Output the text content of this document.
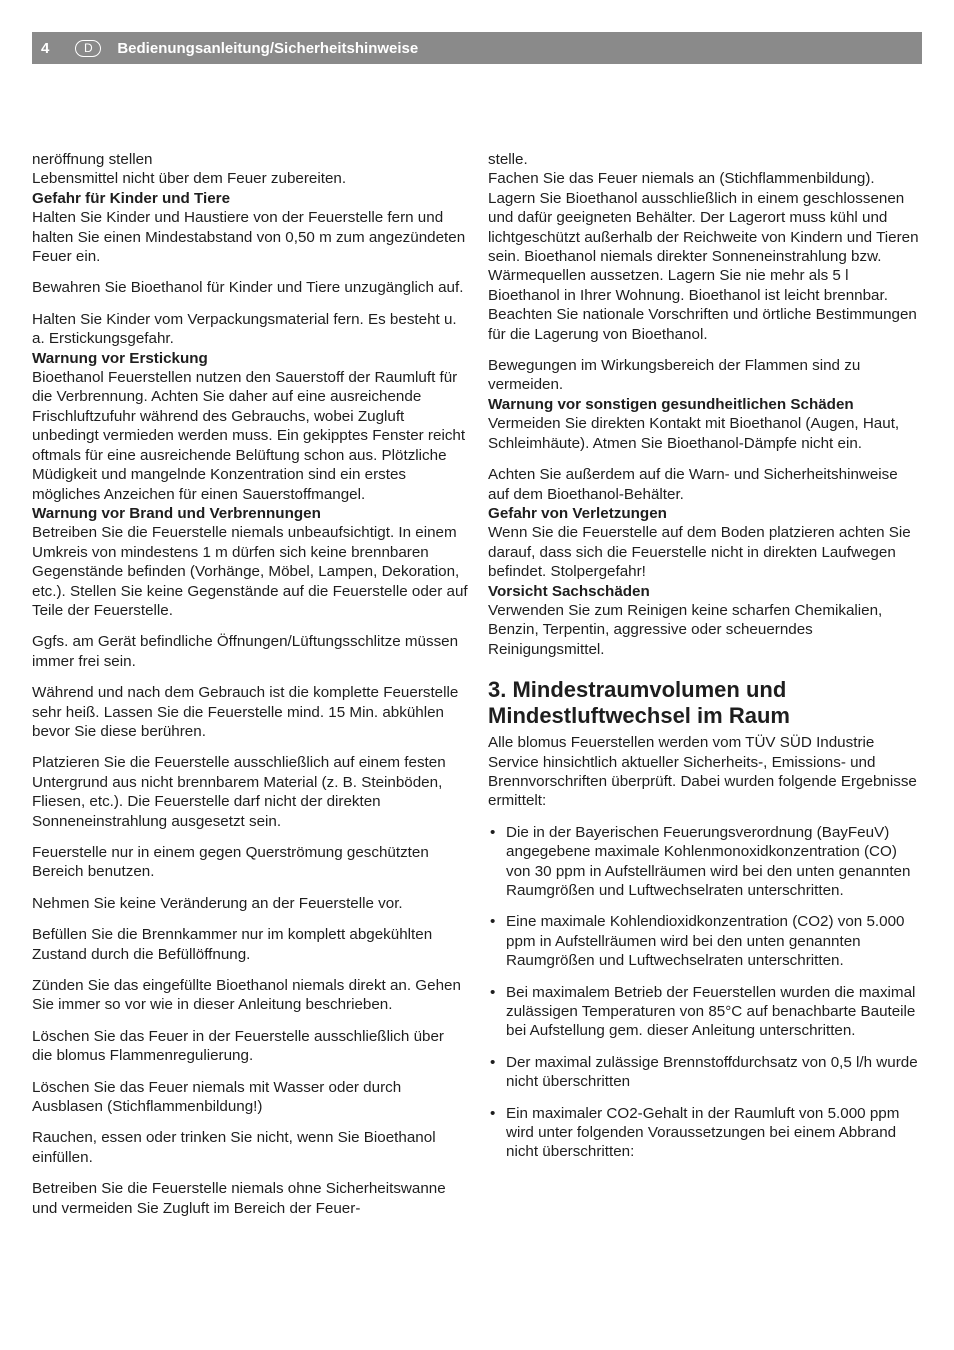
4	D	Bedienungsanleitung/Sicherheitshinweise

neröffnung stellen

Lebensmittel nicht über dem Feuer zubereiten.

Gefahr für Kinder und Tiere

Halten Sie Kinder und Haustiere von der Feuerstelle fern und halten Sie einen Mindestabstand von 0,50 m zum angezündeten Feuer ein.

Bewahren Sie Bioethanol für Kinder und Tiere unzugänglich auf.

Halten Sie Kinder vom Verpackungsmaterial fern. Es besteht u. a. Erstickungsgefahr.

Warnung vor Erstickung

Bioethanol Feuerstellen nutzen den Sauerstoff der Raumluft für die Verbrennung. Achten Sie daher auf eine ausreichende Frischluftzufuhr während des Gebrauchs, wobei Zugluft unbedingt vermieden werden muss. Ein gekipptes Fenster reicht oftmals für eine ausreichende Belüftung schon aus. Plötzliche Müdigkeit und mangelnde Konzentration sind ein erstes mögliches Anzeichen für einen Sauerstoffmangel.

Warnung vor Brand und Verbrennungen

Betreiben Sie die Feuerstelle niemals unbeaufsichtigt. In einem Umkreis von mindestens 1 m dürfen sich keine brennbaren Gegenstände befinden (Vorhänge, Möbel, Lampen, Dekoration, etc.). Stellen Sie keine Gegenstände auf die Feuerstelle oder auf Teile der Feuerstelle.

Ggfs. am Gerät befindliche Öffnungen/Lüftungsschlitze müssen immer frei sein.

Während und nach dem Gebrauch ist die komplette Feuerstelle sehr heiß. Lassen Sie die Feuerstelle mind. 15 Min. abkühlen bevor Sie diese berühren.

Platzieren Sie die Feuerstelle ausschließlich auf einem festen Untergrund aus nicht brennbarem Material (z. B. Steinböden, Fliesen, etc.). Die Feuerstelle darf nicht der direkten Sonneneinstrahlung ausgesetzt sein.

Feuerstelle nur in einem gegen Querströmung geschützten Bereich benutzen.

Nehmen Sie keine Veränderung an der Feuerstelle vor.

Befüllen Sie die Brennkammer nur im komplett abgekühlten Zustand durch die Befüllöffnung.

Zünden Sie das eingefüllte Bioethanol niemals direkt an. Gehen Sie immer so vor wie in dieser Anleitung beschrieben.

Löschen Sie das Feuer in der Feuerstelle ausschließlich über die blomus Flammenregulierung.

Löschen Sie das Feuer niemals mit Wasser oder durch Ausblasen (Stichflammenbildung!)

Rauchen, essen oder trinken Sie nicht, wenn Sie Bioethanol einfüllen.

Betreiben Sie die Feuerstelle niemals ohne Sicherheitswanne und vermeiden Sie Zugluft im Bereich der Feuer-

stelle.
Fachen Sie das Feuer niemals an (Stichflammenbildung). Lagern Sie Bioethanol ausschließlich in einem geschlossenen und dafür geeigneten Behälter. Der Lagerort muss kühl und lichtgeschützt außerhalb der Reichweite von Kindern und Tieren sein. Bioethanol niemals direkter Sonneneinstrahlung bzw. Wärmequellen aussetzen. Lagern Sie nie mehr als 5 l Bioethanol in Ihrer Wohnung. Bioethanol ist leicht brennbar. Beachten Sie nationale Vorschriften und örtliche Bestimmungen für die Lagerung von Bioethanol.

Bewegungen im Wirkungsbereich der Flammen sind zu vermeiden.

Warnung vor sonstigen gesundheitlichen Schäden

Vermeiden Sie direkten Kontakt mit Bioethanol (Augen, Haut, Schleimhäute). Atmen Sie Bioethanol-Dämpfe nicht ein.

Achten Sie außerdem auf die Warn- und Sicherheitshinweise auf dem Bioethanol-Behälter.

Gefahr von Verletzungen

Wenn Sie die Feuerstelle auf dem Boden platzieren achten Sie darauf, dass sich die Feuerstelle nicht in direkten Laufwegen befindet. Stolpergefahr!

Vorsicht Sachschäden

Verwenden Sie zum Reinigen keine scharfen Chemikalien, Benzin, Terpentin, aggressive oder scheuerndes Reinigungsmittel.

3. Mindestraumvolumen und Mindestluftwechsel im Raum

Alle blomus Feuerstellen werden vom TÜV SÜD Industrie Service hinsichtlich aktueller Sicherheits-, Emissions- und Brennvorschriften überprüft. Dabei wurden folgende Ergebnisse ermittelt:

• Die in der Bayerischen Feuerungsverordnung (BayFeuV) angegebene maximale Kohlenmonoxidkonzentration (CO) von 30 ppm in Aufstellräumen wird bei den unten genannten Raumgrößen und Luftwechselraten unterschritten.
• Eine maximale Kohlendioxidkonzentration (CO2) von 5.000 ppm in Aufstellräumen wird bei den unten genannten Raumgrößen und Luftwechselraten unterschritten.
• Bei maximalem Betrieb der Feuerstellen wurden die maximal zulässigen Temperaturen von 85°C auf benachbarte Bauteile bei Aufstellung gem. dieser Anleitung unterschritten.
• Der maximal zulässige Brennstoffdurchsatz von 0,5 l/h wurde nicht überschritten
• Ein maximaler CO2-Gehalt in der Raumluft von 5.000 ppm wird unter folgenden Voraussetzungen bei einem Abbrand nicht überschritten:
